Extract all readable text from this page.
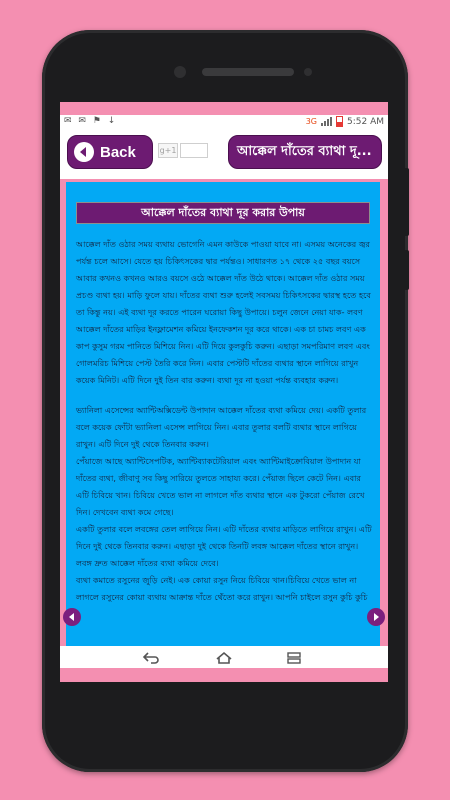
✉ ✉ ⚑ ↓	3G	5:52 AM
Back	g+1	আক্কেল দাঁতের ব্যাথা দূ...
আক্কেল দাঁতের ব্যাথা দূর করার উপায়

আক্কেল দাঁত ওঠার সময় ব্যথায় ভোগেনি এমন কাউকে পাওয়া যাবে না। এসময় অনেকের জ্বর পর্যন্ত চলে আসে। যেতে হয় চিকিৎসকের দ্বার পর্যন্তও। সাধারণত ১৭ থেকে ২৫ বছর বয়সে আবার কখনও কখনও আরও বয়সে ওঠে আক্কেল দাঁত উঠে থাকে। আক্কেল দাঁত ওঠার সময় প্রচণ্ড ব্যথা হয়। মাড়ি ফুলে যায়। দাঁতের ব্যথা শুরু হলেই সবসময় চিকিৎসকের দ্বারস্থ হতে হবে তা কিন্তু নয়। এই ব্যথা দূর করতে পারেন ঘরোয়া কিছু উপায়ে। চলুন জেনে নেয়া যাক- লবণ আক্কেল দাঁতের মাড়ির ইনফ্লামেশন কমিয়ে ইনফেকশন দূর করে থাকে। এক চা চামচ লবণ এক কাপ কুসুম গরম পানিতে মিশিয়ে নিন। এটি দিয়ে কুলকুচি করুন। এছাড়া সমপরিমাণ লবণ এবং গোলমরিচ মিশিয়ে পেস্ট তৈরি করে নিন। এবার পেস্টটি দাঁতের ব্যথার স্থানে লাগিয়ে রাখুন কয়েক মিনিট। এটি দিনে দুই তিন বার করুন। ব্যথা দূর না হওয়া পর্যন্ত ব্যবহার করুন।

ভ্যানিলা এসেন্সের অ্যান্টিঅক্সিডেন্ট উপাদান আক্কেল দাঁতের ব্যথা কমিয়ে দেয়। একটি তুলার বলে কয়েক ফোঁটা ভ্যানিলা এসেন্স লাগিয়ে নিন। এবার তুলার বলটি ব্যথার স্থানে লাগিয়ে রাখুন। এটি দিনে দুই থেকে তিনবার করুন।

পেঁয়াজে আছে অ্যান্টিসেপটিক, অ্যান্টিব্যাকটেরিয়াল এবং অ্যান্টিমাইক্রোবিয়াল উপাদান যা দাঁতের ব্যথা, জীবাণু সব কিছু সারিয়ে তুলতে সাহায্য করে। পেঁয়াজ ছিলে কেটে নিন। এবার এটি চিবিয়ে খান। চিবিয়ে খেতে ভাল না লাগলে দাঁত ব্যথার স্থানে এক টুকরো পেঁয়াজ রেখে দিন। দেখবেন ব্যথা কমে গেছে।

একটি তুলার বলে লবঙ্গের তেল লাগিয়ে নিন। এটি দাঁতের ব্যথার মাড়িতে লাগিয়ে রাখুন। এটি দিনে দুই থেকে তিনবার করুন। এছাড়া দুই থেকে তিনটি লবঙ্গ আক্কেল দাঁতের স্থানে রাখুন। লবঙ্গ দ্রুত আক্কেল দাঁতের ব্যথা কমিয়ে দেবে।

ব্যথা কমাতে রসুনের জুড়ি নেই। এক কোয়া রসুন নিয়ে চিবিয়ে খান।চিবিয়ে খেতে ভাল না লাগলে রসুনের কোয়া ব্যথায় আক্রান্ত দাঁতে থেঁতো করে রাখুন। আপনি চাইলে রসুন কুচি কুচি
